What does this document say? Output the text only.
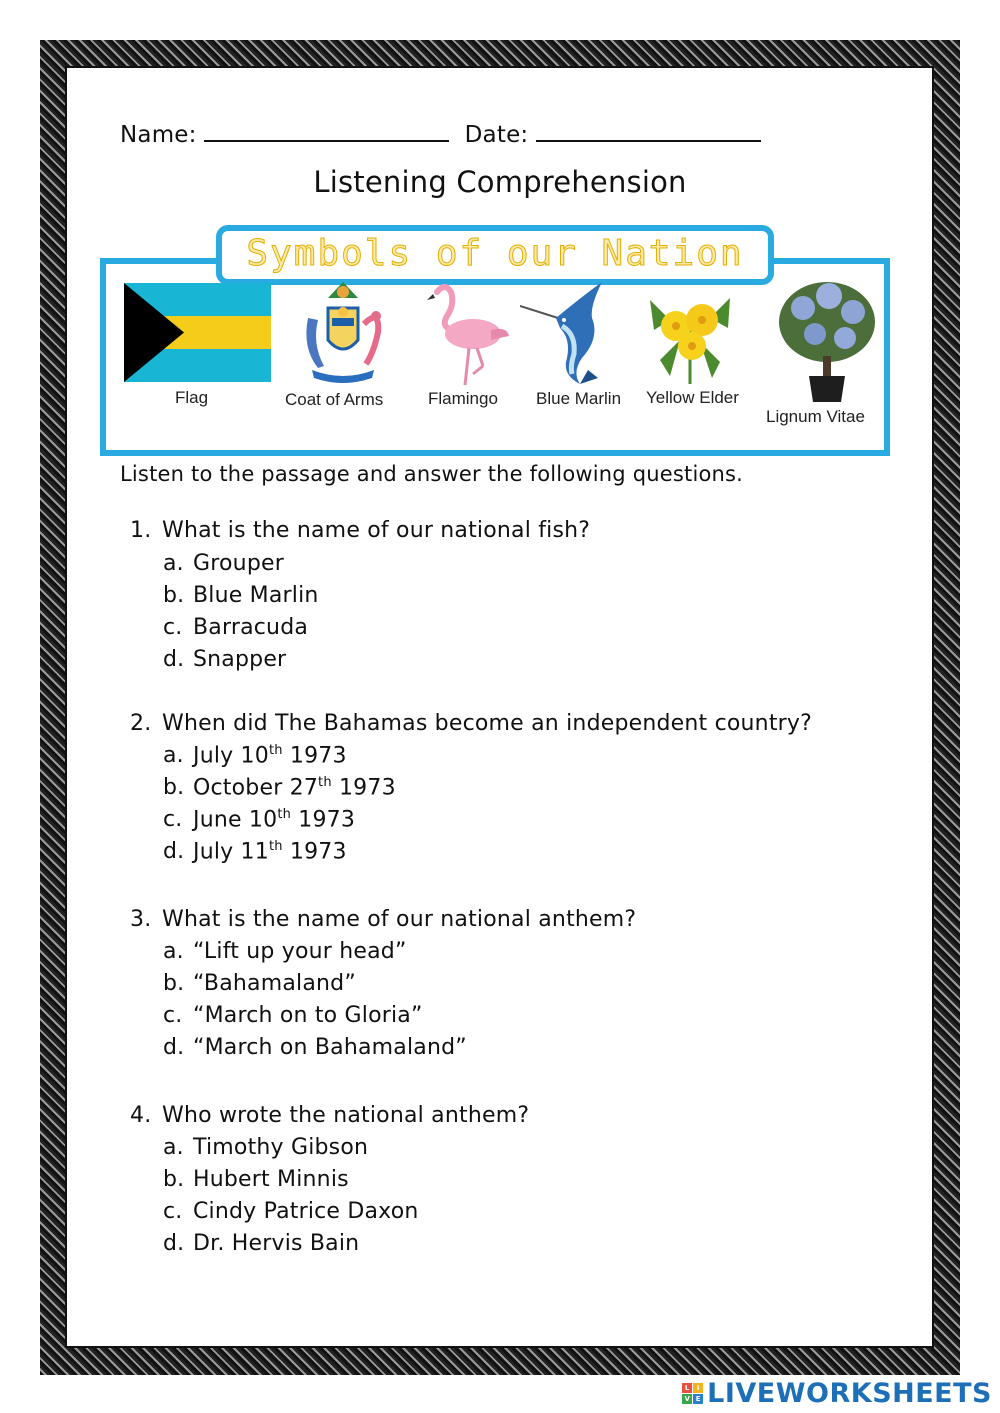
Name:	Date:
Listening Comprehension
Symbols of our Nation
Flag	Coat of Arms	Flamingo Blue Marlin Yellow Elder
Lignum Vitae
Listen to the passage and answer the following questions.
1. What is the name of our national fish?
a. Grouper
b. Blue Marlin
c. Barracuda
d. Snapper
2. When did The Bahamas become an independent country?
a. July 10th 1973
b. October 27th 1973
c. June 10th 1973
d. July 11th 1973
3. What is the name of our national anthem?
a. “Lift up your head”
b. “Bahamaland”
c. “March on to Gloria”
d. “March on Bahamaland”
4. Who wrote the national anthem?
a. Timothy Gibson
b. Hubert Minnis
c. Cindy Patrice Daxon
d. Dr. Hervis Bain
L	I
V E LIVEWORKSHEETS
